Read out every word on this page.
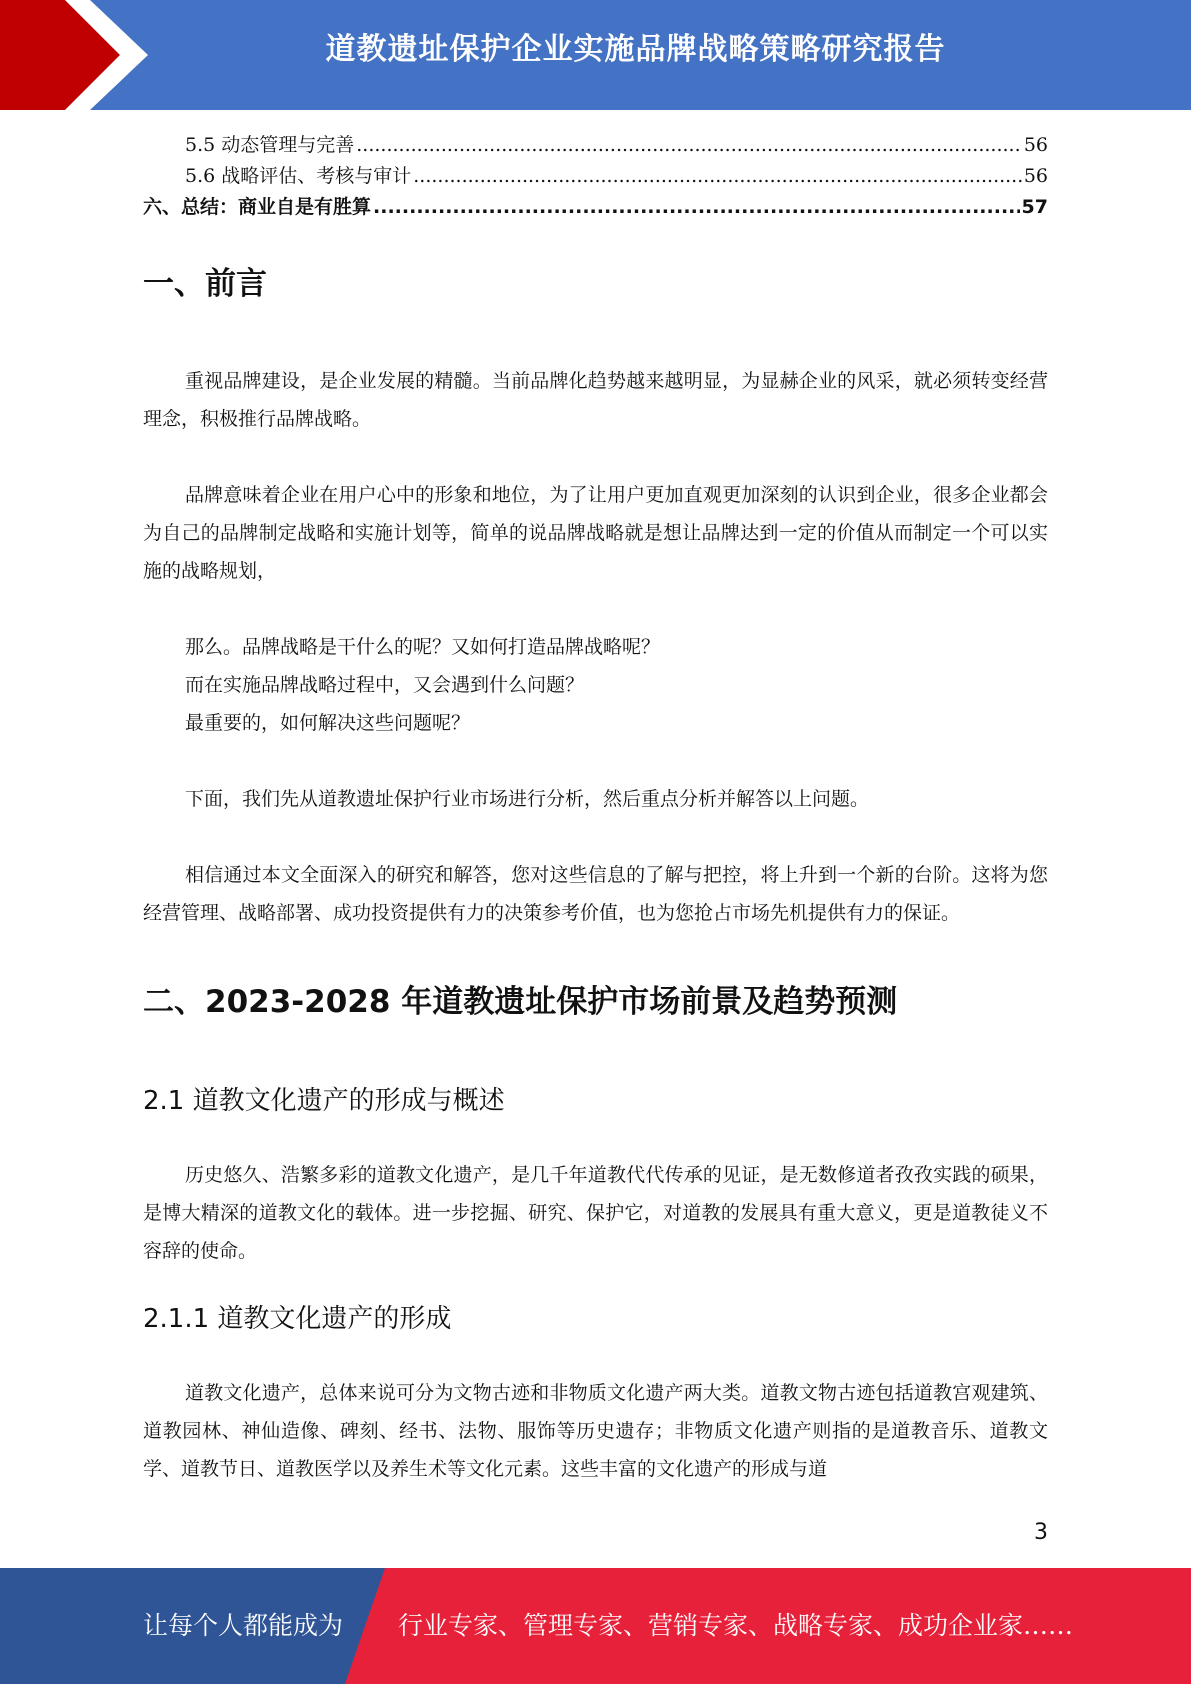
道教遗址保护企业实施品牌战略策略研究报告
5.5 动态管理与完善 .....	56
5.6 战略评估、考核与审计 .....	56
六、总结：商业自是有胜算 .....	57
一、前言

重视品牌建设，是企业发展的精髓。当前品牌化趋势越来越明显，为显赫企业的风采，就必须转变经营理念，积极推行品牌战略。

品牌意味着企业在用户心中的形象和地位，为了让用户更加直观更加深刻的认识到企业，很多企业都会为自己的品牌制定战略和实施计划等，简单的说品牌战略就是想让品牌达到一定的价值从而制定一个可以实施的战略规划，

那么。品牌战略是干什么的呢？又如何打造品牌战略呢？

而在实施品牌战略过程中，又会遇到什么问题？

最重要的，如何解决这些问题呢？

下面，我们先从道教遗址保护行业市场进行分析，然后重点分析并解答以上问题。

相信通过本文全面深入的研究和解答，您对这些信息的了解与把控，将上升到一个新的台阶。这将为您经营管理、战略部署、成功投资提供有力的决策参考价值，也为您抢占市场先机提供有力的保证。

二、2023-2028 年道教遗址保护市场前景及趋势预测
2.1 道教文化遗产的形成与概述

历史悠久、浩繁多彩的道教文化遗产，是几千年道教代代传承的见证，是无数修道者孜孜实践的硕果，是博大精深的道教文化的载体。进一步挖掘、研究、保护它，对道教的发展具有重大意义，更是道教徒义不容辞的使命。

2.1.1 道教文化遗产的形成

道教文化遗产，总体来说可分为文物古迹和非物质文化遗产两大类。道教文物古迹包括道教宫观建筑、道教园林、神仙造像、碑刻、经书、法物、服饰等历史遗存；非物质文化遗产则指的是道教音乐、道教文学、道教节日、道教医学以及养生术等文化元素。这些丰富的文化遗产的形成与道

3
让每个人都能成为 行业专家、管理专家、营销专家、战略专家、成功企业家……
